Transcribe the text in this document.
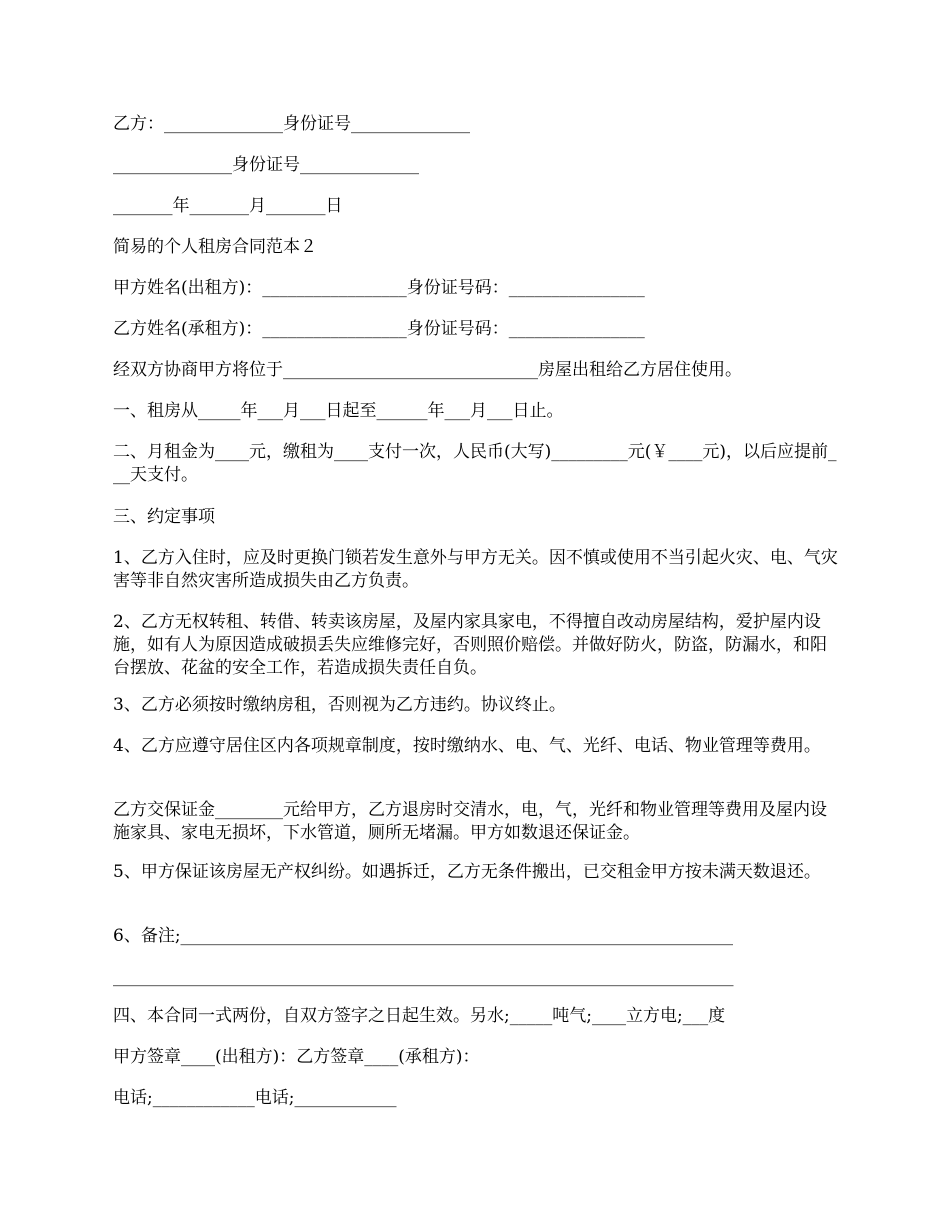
乙方：______________身份证号______________

______________身份证号______________

_______年_______月_______日

简易的个人租房合同范本２

甲方姓名(出租方)：_________________身份证号码：________________

乙方姓名(承租方)：_________________身份证号码：________________

经双方协商甲方将位于______________________________房屋出租给乙方居住使用。

一、租房从_____年___月___日起至______年___月___日止。

二、月租金为____元，缴租为____支付一次，人民币(大写)_________元(￥____元)，以后应提前___天支付。

三、约定事项

1、乙方入住时，应及时更换门锁若发生意外与甲方无关。因不慎或使用不当引起火灾、电、气灾害等非自然灾害所造成损失由乙方负责。

2、乙方无权转租、转借、转卖该房屋，及屋内家具家电，不得擅自改动房屋结构，爱护屋内设施，如有人为原因造成破损丢失应维修完好，否则照价赔偿。并做好防火，防盗，防漏水，和阳台摆放、花盆的安全工作，若造成损失责任自负。

3、乙方必须按时缴纳房租，否则视为乙方违约。协议终止。

4、乙方应遵守居住区内各项规章制度，按时缴纳水、电、气、光纤、电话、物业管理等费用。

乙方交保证金________元给甲方，乙方退房时交清水，电，气，光纤和物业管理等费用及屋内设施家具、家电无损坏，下水管道，厕所无堵漏。甲方如数退还保证金。

5、甲方保证该房屋无产权纠纷。如遇拆迁，乙方无条件搬出，已交租金甲方按未满天数退还。

6、备注;_________________________________________________________________

_________________________________________________________________________

四、本合同一式两份，自双方签字之日起生效。另水;_____吨气;____立方电;___度

甲方签章____(出租方)：乙方签章____(承租方)：

电话;____________电话;____________
